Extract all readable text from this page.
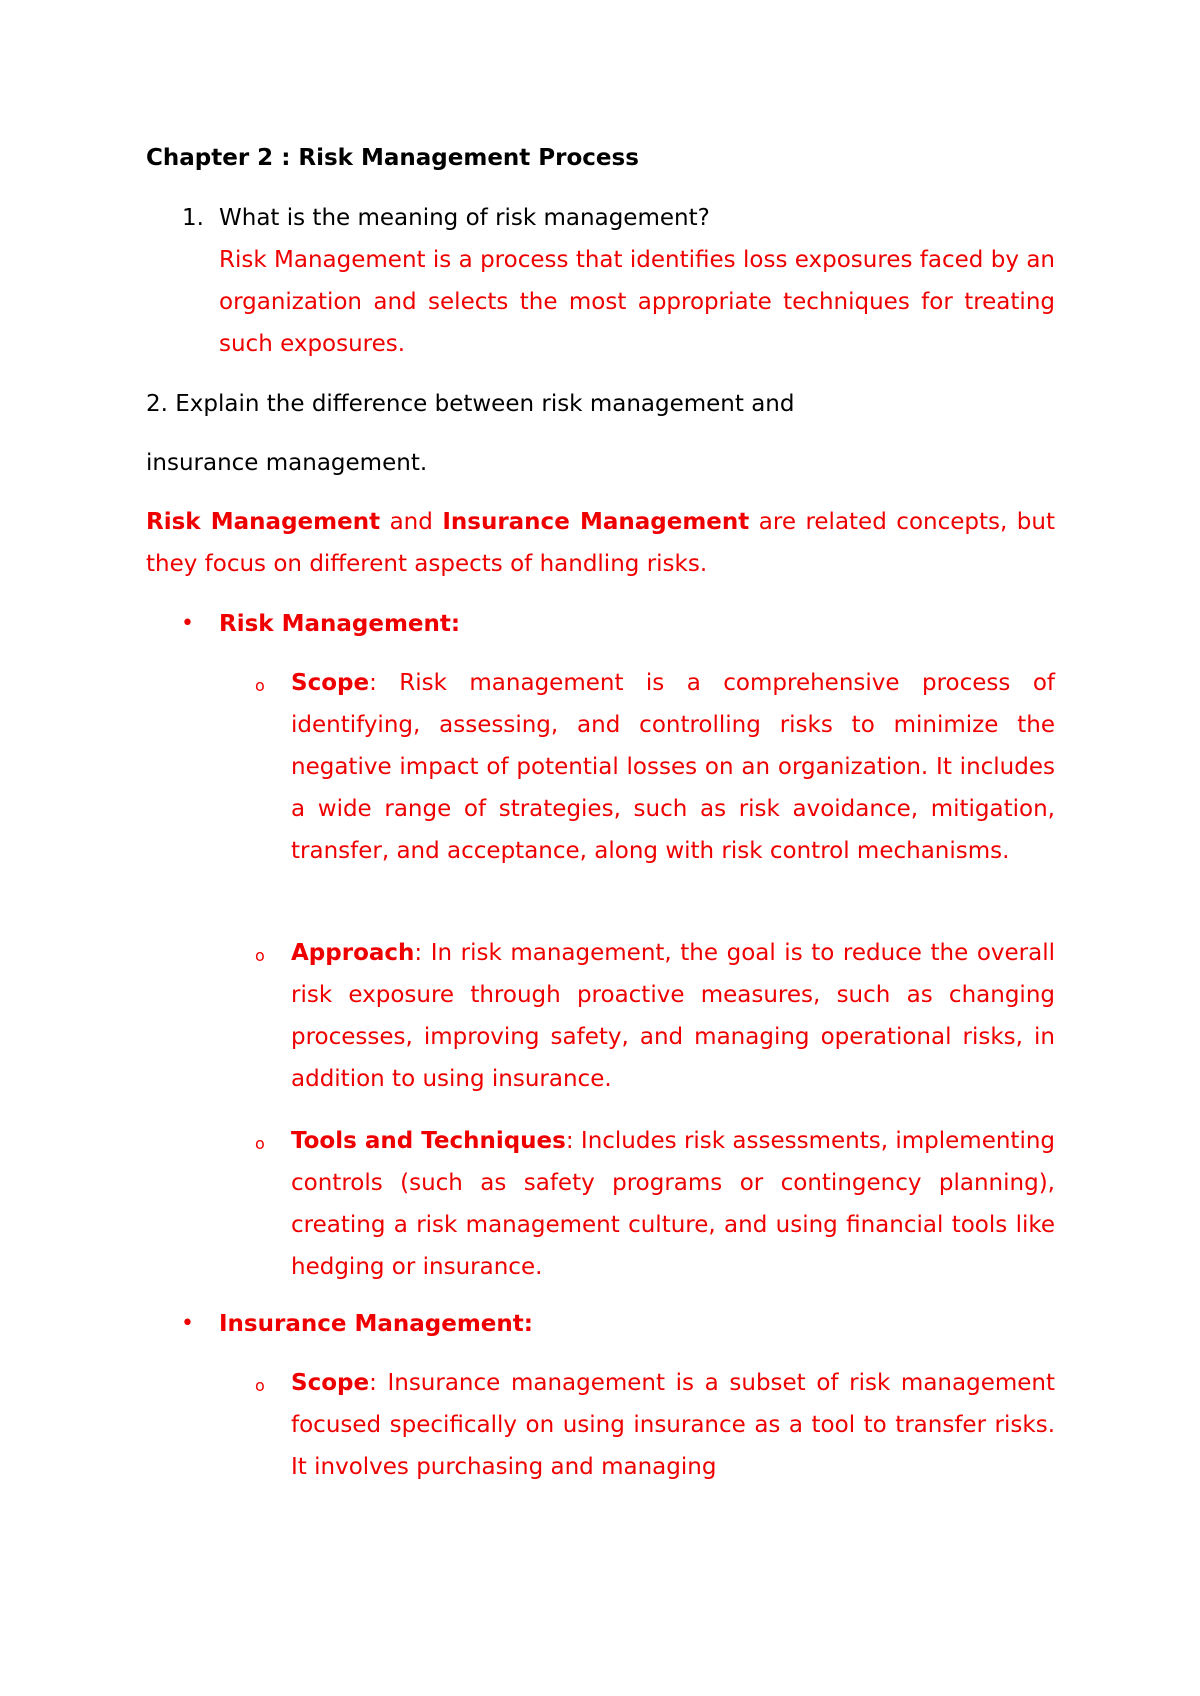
Chapter 2 : Risk Management Process
1. What is the meaning of risk management?
Risk Management is a process that identifies loss exposures faced by an organization and selects the most appropriate techniques for treating such exposures.
2. Explain the difference between risk management and
insurance management.
Risk Management and Insurance Management are related concepts, but they focus on different aspects of handling risks.
• Risk Management:
o Scope: Risk management is a comprehensive process of identifying, assessing, and controlling risks to minimize the negative impact of potential losses on an organization. It includes a wide range of strategies, such as risk avoidance, mitigation, transfer, and acceptance, along with risk control mechanisms.
o Approach: In risk management, the goal is to reduce the overall risk exposure through proactive measures, such as changing processes, improving safety, and managing operational risks, in addition to using insurance.
o Tools and Techniques: Includes risk assessments, implementing controls (such as safety programs or contingency planning), creating a risk management culture, and using financial tools like hedging or insurance.
• Insurance Management:
o Scope: Insurance management is a subset of risk management focused specifically on using insurance as a tool to transfer risks. It involves purchasing and managing
